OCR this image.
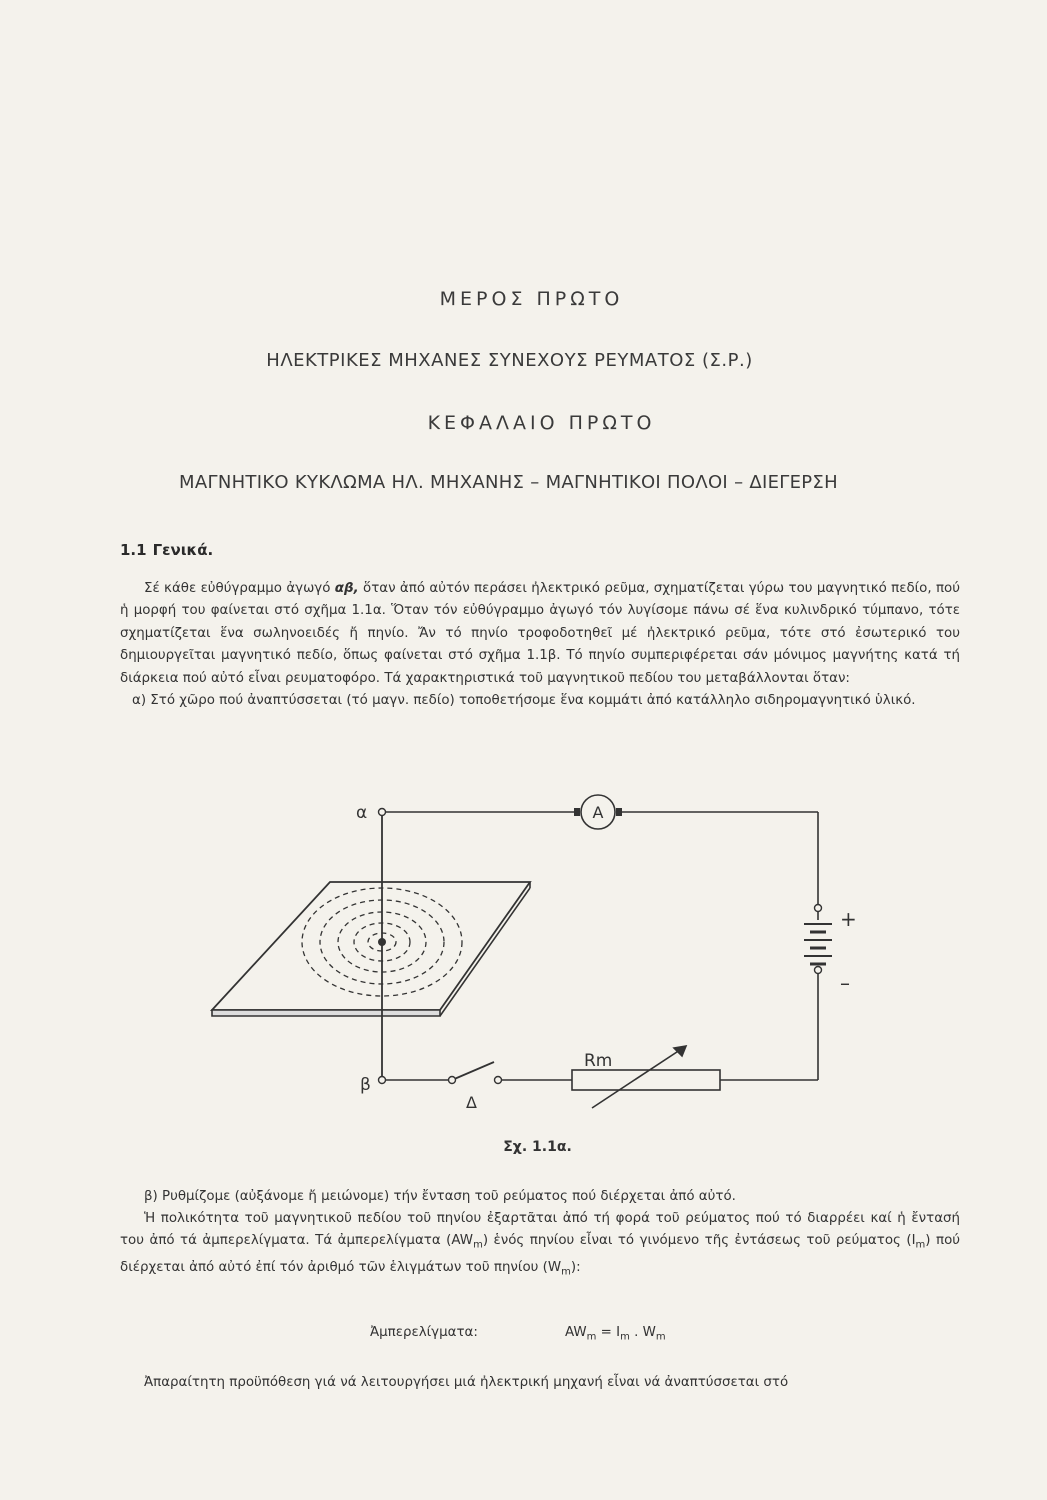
ΜΕΡΟΣ ΠΡΩΤΟ
ΗΛΕΚΤΡΙΚΕΣ ΜΗΧΑΝΕΣ ΣΥΝΕΧΟΥΣ ΡΕΥΜΑΤΟΣ (Σ.Ρ.)
ΚΕΦΑΛΑΙΟ ΠΡΩΤΟ
ΜΑΓΝΗΤΙΚΟ ΚΥΚΛΩΜΑ ΗΛ. ΜΗΧΑΝΗΣ – ΜΑΓΝΗΤΙΚΟΙ ΠΟΛΟΙ – ΔΙΕΓΕΡΣΗ
1.1 Γενικά.

Σέ κάθε εὐθύγραμμο ἀγωγό αβ, ὅταν ἀπό αὐτόν περάσει ἠλεκτρικό ρεῦμα, σχηματίζεται γύρω του μαγνητικό πεδίο, πού ἡ μορφή του φαίνεται στό σχῆμα 1.1α. Ὅταν τόν εὐθύγραμμο ἀγωγό τόν λυγίσομε πάνω σέ ἕνα κυλινδρικό τύμπανο, τότε σχηματίζεται ἕνα σωληνοειδές ἤ πηνίο. Ἄν τό πηνίο τροφοδοτηθεῖ μέ ἠλεκτρικό ρεῦμα, τότε στό ἐσωτερικό του δημιουργεῖται μαγνητικό πεδίο, ὅπως φαίνεται στό σχῆμα 1.1β. Τό πηνίο συμπεριφέρεται σάν μόνιμος μαγνήτης κατά τή διάρκεια πού αὐτό εἶναι ρευματοφόρο. Τά χαρακτηριστικά τοῦ μαγνητικοῦ πεδίου του μεταβάλλονται ὅταν:
α) Στό χῶρο πού ἀναπτύσσεται (τό μαγν. πεδίο) τοποθετήσομε ἕνα κομμάτι ἀπό κατάλληλο σιδηρομαγνητικό ὑλικό.

A
α
β
+
–
Rm
Δ

Σχ. 1.1α.

β) Ρυθμίζομε (αὐξάνομε ἤ μειώνομε) τήν ἔνταση τοῦ ρεύματος πού διέρχεται ἀπό αὐτό.

Ἡ πολικότητα τοῦ μαγνητικοῦ πεδίου τοῦ πηνίου ἐξαρτᾶται ἀπό τή φορά τοῦ ρεύματος πού τό διαρρέει καί ἡ ἔντασή του ἀπό τά ἀμπερελίγματα. Τά ἀμπερελίγματα $(AW_m)$ ἑνός πηνίου εἶναι τό γινόμενο τῆς ἐντάσεως τοῦ ρεύματος $(I_m)$ πού διέρχεται ἀπό αὐτό ἐπί τόν ἀριθμό τῶν ἑλιγμάτων τοῦ πηνίου $(W_m)$:

Ἀμπερελίγματα:	$AW_m = I_m$ . $W_m$

Ἀπαραίτητη προϋπόθεση γιά νά λειτουργήσει μιά ἠλεκτρική μηχανή εἶναι νά ἀναπτύσσεται στό
